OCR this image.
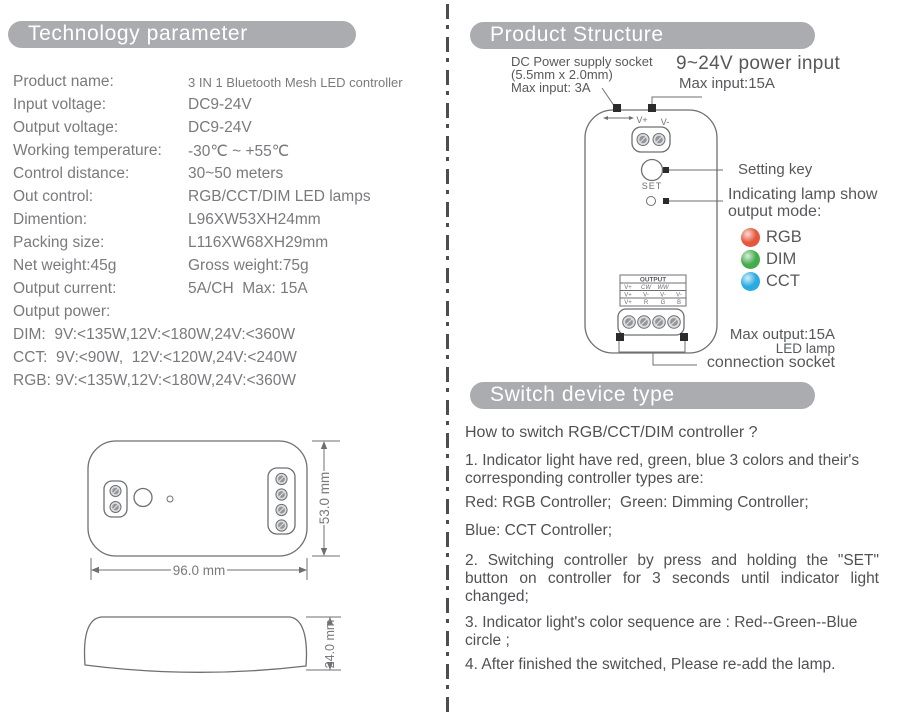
Technology parameter
Product name:	3 IN 1 Bluetooth Mesh LED controller
Input voltage:	DC9-24V
Output voltage:	DC9-24V
Working temperature:	-30℃ ~ +55℃
Control distance:	30~50 meters
Out control:	RGB/CCT/DIM LED lamps
Dimention:	L96XW53XH24mm
Packing size:	L116XW68XH29mm
Net weight:45g	Gross weight:75g
Output current:	5A/CH  Max: 15A
Output power:
DIM:  9V:<135W,12V:<180W,24V:<360W
CCT:  9V:<90W,  12V:<120W,24V:<240W
RGB: 9V:<135W,12V:<180W,24V:<360W
96.0 mm
53.0 mm
24.0 mm
Product Structure
DC Power supply socket
(5.5mm x 2.0mm)
Max input: 3A
9~24V power input
Max input:15A
V+ V-
SET
OUTPUT
V+ CW WW
V+ V- V- V-
V+ R G B
Setting key
Indicating lamp show
output mode:
RGB
DIM
CCT
Max output:15A
LED lamp
connection socket
Switch device type
How to switch RGB/CCT/DIM controller ?
1. Indicator light have red, green, blue 3 colors and their's corresponding controller types are:
Red: RGB Controller;  Green: Dimming Controller;
Blue: CCT Controller;
2. Switching controller by press and holding the "SET" button on controller for 3 seconds until indicator light changed;
3. Indicator light's color sequence are : Red--Green--Blue circle ;
4. After finished the switched, Please re-add the lamp.
